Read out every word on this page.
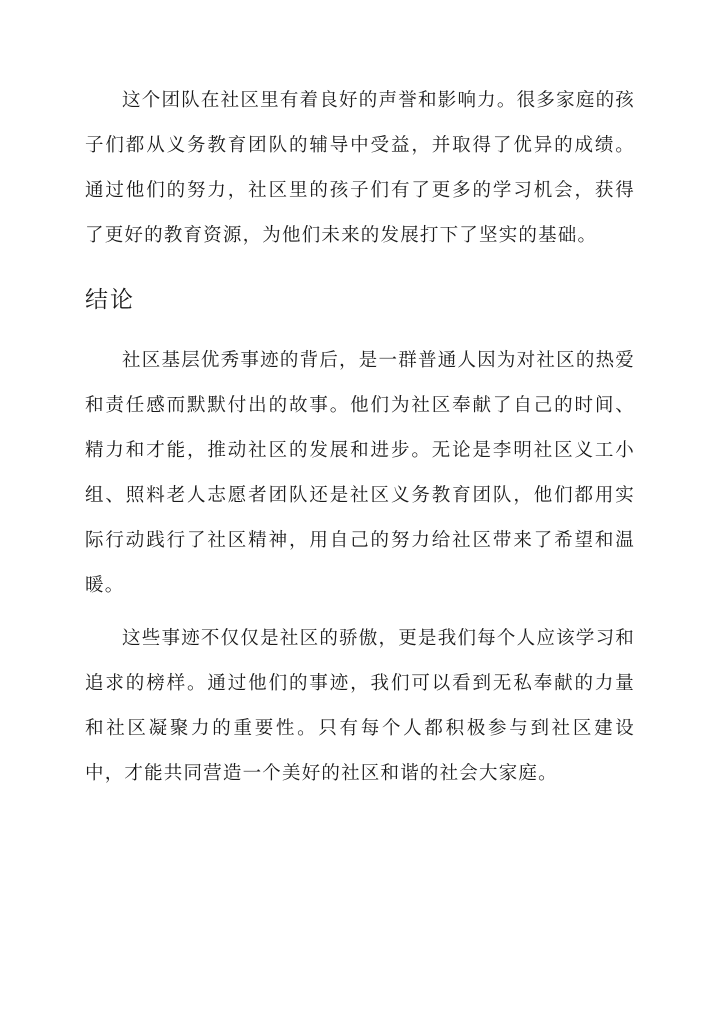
这个团队在社区里有着良好的声誉和影响力。很多家庭的孩子们都从义务教育团队的辅导中受益，并取得了优异的成绩。通过他们的努力，社区里的孩子们有了更多的学习机会，获得了更好的教育资源，为他们未来的发展打下了坚实的基础。

结论

社区基层优秀事迹的背后，是一群普通人因为对社区的热爱和责任感而默默付出的故事。他们为社区奉献了自己的时间、精力和才能，推动社区的发展和进步。无论是李明社区义工小组、照料老人志愿者团队还是社区义务教育团队，他们都用实际行动践行了社区精神，用自己的努力给社区带来了希望和温暖。

这些事迹不仅仅是社区的骄傲，更是我们每个人应该学习和追求的榜样。通过他们的事迹，我们可以看到无私奉献的力量和社区凝聚力的重要性。只有每个人都积极参与到社区建设中，才能共同营造一个美好的社区和谐的社会大家庭。
